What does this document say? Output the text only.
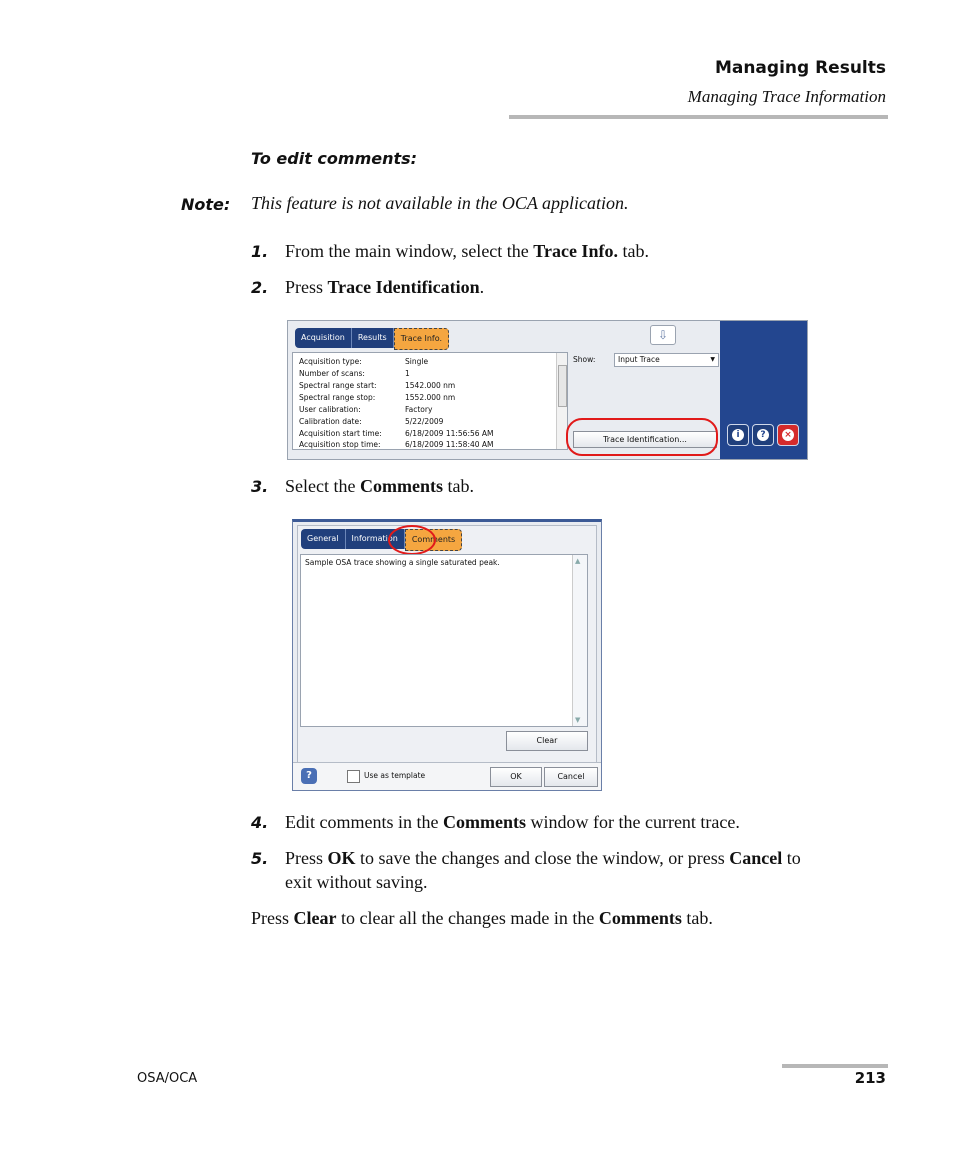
Managing Results
Managing Trace Information
To edit comments:
Note: This feature is not available in the OCA application.
1. From the main window, select the Trace Info. tab.
2. Press Trace Identification.
Acquisition	Results	Trace Info.	⇩
Acquisition type:	Single
Number of scans:	1
Spectral range start:	1542.000 nm
Spectral range stop:	1552.000 nm
User calibration:	Factory
Calibration date:	5/22/2009
Acquisition start time:	6/18/2009 11:56:56 AM
Acquisition stop time:	6/18/2009 11:58:40 AM
Show:	Input Trace	▼
Trace Identification...	i	?	×
3. Select the Comments tab.
General	Information	Comments
Sample OSA trace showing a single saturated peak.	▲
▼
Clear
?	Use as template	OK	Cancel
4. Edit comments in the Comments window for the current trace.
5. Press OK to save the changes and close the window, or press Cancel to
exit without saving.
Press Clear to clear all the changes made in the Comments tab.
OSA/OCA	213
